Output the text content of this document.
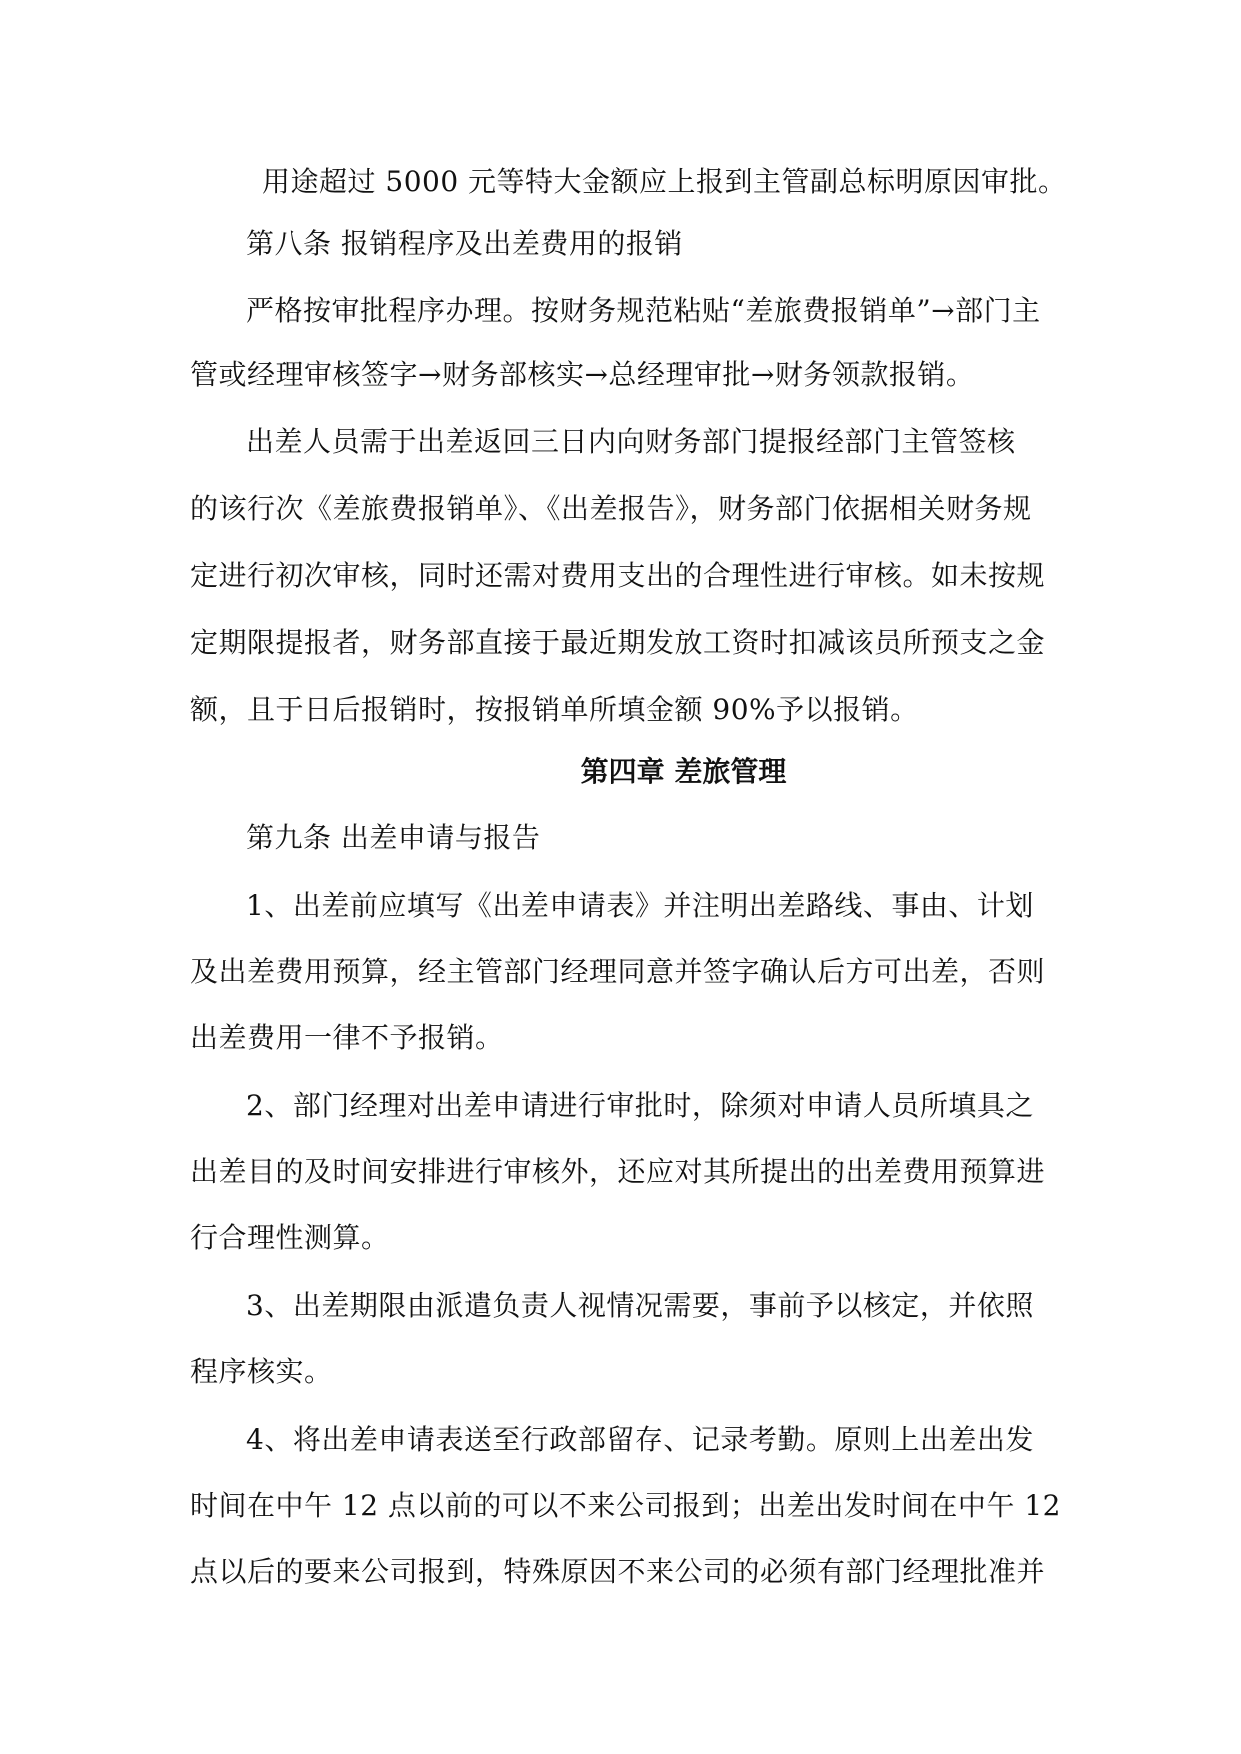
用途超过 5000 元等特大金额应上报到主管副总标明原因审批。
第八条 报销程序及出差费用的报销
严格按审批程序办理。按财务规范粘贴“差旅费报销单”→部门主
管或经理审核签字→财务部核实→总经理审批→财务领款报销。
出差人员需于出差返回三日内向财务部门提报经部门主管签核
的该行次《差旅费报销单》、《出差报告》，财务部门依据相关财务规
定进行初次审核，同时还需对费用支出的合理性进行审核。如未按规
定期限提报者，财务部直接于最近期发放工资时扣减该员所预支之金
额，且于日后报销时，按报销单所填金额 90%予以报销。
第四章 差旅管理
第九条 出差申请与报告
1、出差前应填写《出差申请表》并注明出差路线、事由、计划
及出差费用预算，经主管部门经理同意并签字确认后方可出差，否则
出差费用一律不予报销。
2、部门经理对出差申请进行审批时，除须对申请人员所填具之
出差目的及时间安排进行审核外，还应对其所提出的出差费用预算进
行合理性测算。
3、出差期限由派遣负责人视情况需要，事前予以核定，并依照
程序核实。
4、将出差申请表送至行政部留存、记录考勤。原则上出差出发
时间在中午 12 点以前的可以不来公司报到；出差出发时间在中午 12
点以后的要来公司报到，特殊原因不来公司的必须有部门经理批准并
